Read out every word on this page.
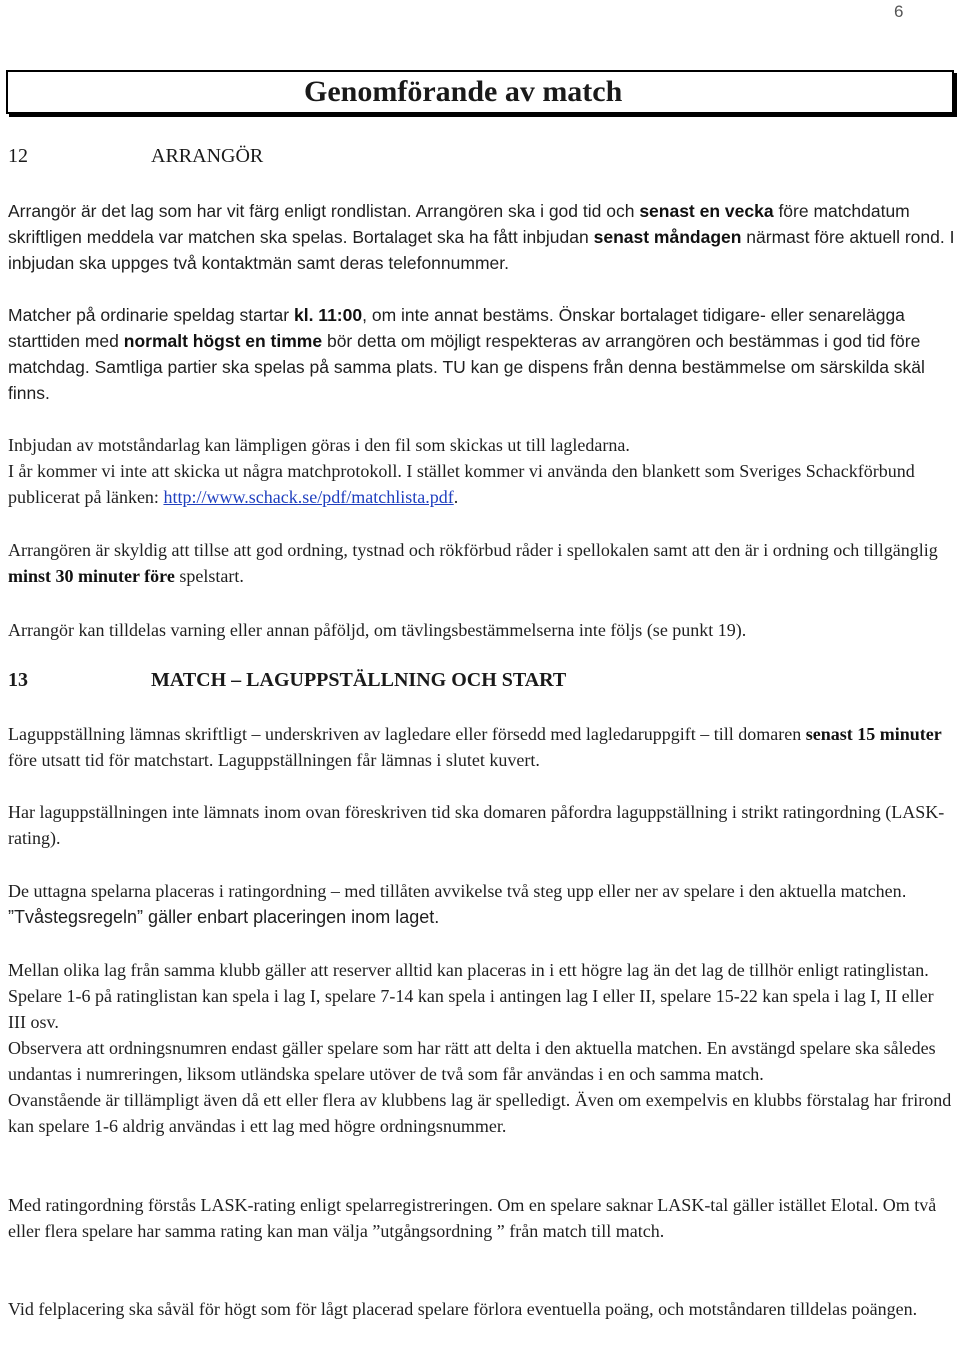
6
Genomförande av match
12	ARRANGÖR

Arrangör är det lag som har vit färg enligt rondlistan. Arrangören ska i god tid och senast en vecka före matchdatum skriftligen meddela var matchen ska spelas. Bortalaget ska ha fått inbjudan senast måndagen närmast före aktuell rond. I inbjudan ska uppges två kontaktmän samt deras telefonnummer.

Matcher på ordinarie speldag startar kl. 11:00, om inte annat bestäms. Önskar bortalaget tidigare- eller senarelägga starttiden med normalt högst en timme bör detta om möjligt respekteras av arrangören och bestämmas i god tid före matchdag. Samtliga partier ska spelas på samma plats. TU kan ge dispens från denna bestämmelse om särskilda skäl finns.

Inbjudan av motståndarlag kan lämpligen göras i den fil som skickas ut till lagledarna.

I år kommer vi inte att skicka ut några matchprotokoll. I stället kommer vi använda den blankett som Sveriges Schackförbund publicerat på länken: http://www.schack.se/pdf/matchlista.pdf.

Arrangören är skyldig att tillse att god ordning, tystnad och rökförbud råder i spellokalen samt att den är i ordning och tillgänglig minst 30 minuter före spelstart.

Arrangör kan tilldelas varning eller annan påföljd, om tävlingsbestämmelserna inte följs (se punkt 19).

13	MATCH – LAGUPPSTÄLLNING OCH START

Laguppställning lämnas skriftligt – underskriven av lagledare eller försedd med lagledaruppgift – till domaren senast 15 minuter före utsatt tid för matchstart. Laguppställningen får lämnas i slutet kuvert.

Har laguppställningen inte lämnats inom ovan föreskriven tid ska domaren påfordra laguppställning i strikt ratingordning (LASK-rating).

De uttagna spelarna placeras i ratingordning – med tillåten avvikelse två steg upp eller ner av spelare i den aktuella matchen. ”Tvåstegsregeln” gäller enbart placeringen inom laget.

Mellan olika lag från samma klubb gäller att reserver alltid kan placeras in i ett högre lag än det lag de tillhör enligt ratinglistan. Spelare 1-6 på ratinglistan kan spela i lag I, spelare 7-14 kan spela i antingen lag I eller II, spelare 15-22 kan spela i lag I, II eller III osv.

Observera att ordningsnumren endast gäller spelare som har rätt att delta i den aktuella matchen. En avstängd spelare ska således undantas i numreringen, liksom utländska spelare utöver de två som får användas i en och samma match.

Ovanstående är tillämpligt även då ett eller flera av klubbens lag är spelledigt. Även om exempelvis en klubbs förstalag har frirond kan spelare 1-6 aldrig användas i ett lag med högre ordningsnummer.

Med ratingordning förstås LASK-rating enligt spelarregistreringen. Om en spelare saknar LASK-tal gäller istället Elotal. Om två eller flera spelare har samma rating kan man välja ”utgångsordning ” från match till match.

Vid felplacering ska såväl för högt som för lågt placerad spelare förlora eventuella poäng, och motståndaren tilldelas poängen.
